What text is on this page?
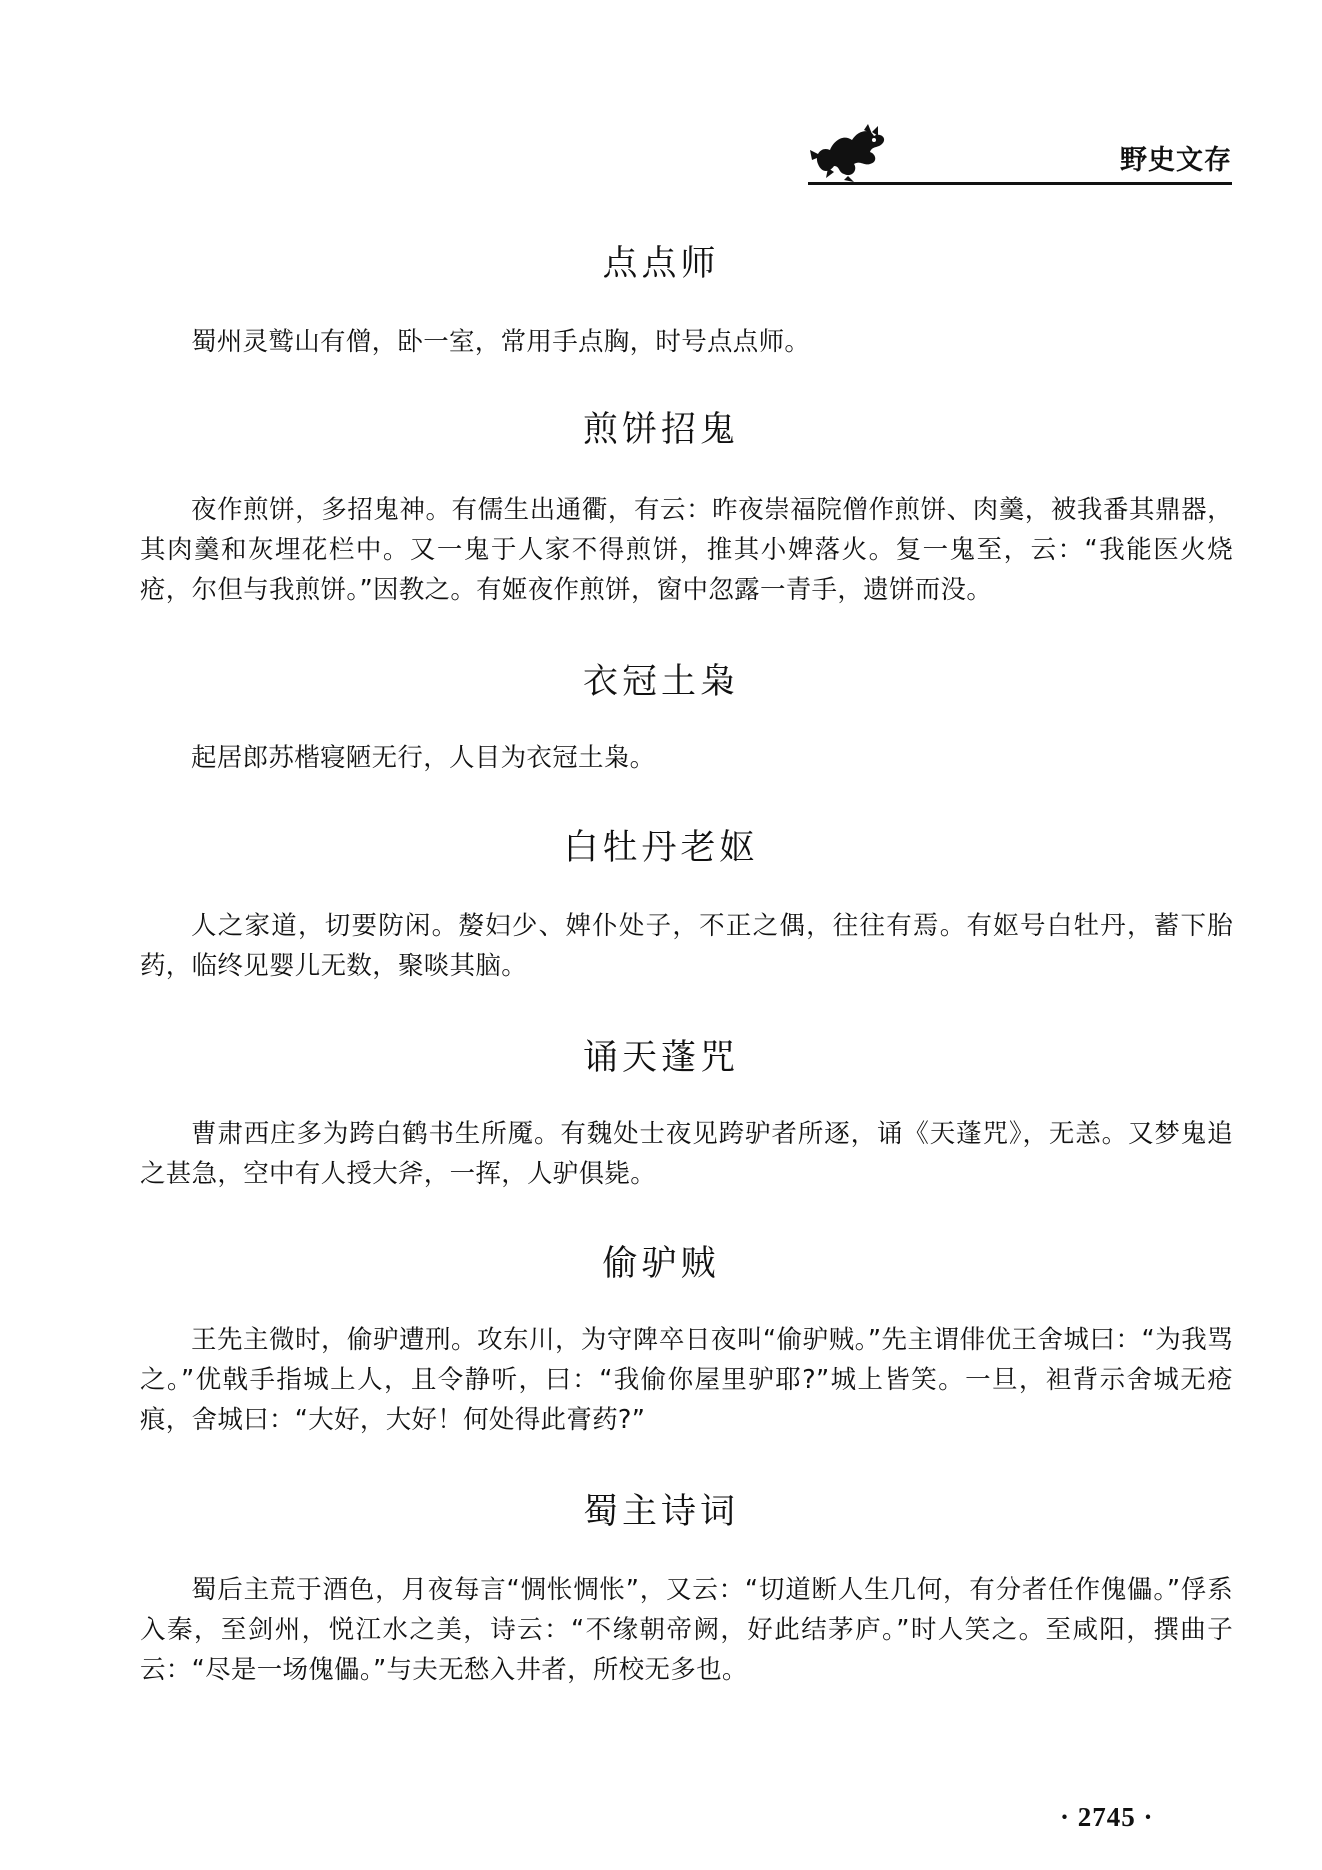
野史文存
点点师

蜀州灵鹫山有僧，卧一室，常用手点胸，时号点点师。

煎饼招鬼

夜作煎饼，多招鬼神。有儒生出通衢，有云：昨夜崇福院僧作煎饼、肉羹，被我番其鼎器，其肉羹和灰埋花栏中。又一鬼于人家不得煎饼，推其小婢落火。复一鬼至，云：“我能医火烧疮，尔但与我煎饼。”因教之。有姬夜作煎饼，窗中忽露一青手，遗饼而没。

衣冠土枭

起居郎苏楷寝陋无行，人目为衣冠土枭。

白牡丹老妪

人之家道，切要防闲。嫠妇少、婢仆处子，不正之偶，往往有焉。有妪号白牡丹，蓄下胎药，临终见婴儿无数，聚啖其脑。

诵天蓬咒

曹肃西庄多为跨白鹤书生所魇。有魏处士夜见跨驴者所逐，诵《天蓬咒》，无恙。又梦鬼追之甚急，空中有人授大斧，一挥，人驴俱毙。

偷驴贼

王先主微时，偷驴遭刑。攻东川，为守陴卒日夜叫“偷驴贼。”先主谓俳优王舍城曰：“为我骂之。”优戟手指城上人，且令静听，曰：“我偷你屋里驴耶?”城上皆笑。一旦，袒背示舍城无疮痕，舍城曰：“大好，大好！何处得此膏药?”

蜀主诗词

蜀后主荒于酒色，月夜每言“惆怅惆怅”，又云：“切道断人生几何，有分者任作傀儡。”俘系入秦，至剑州，悦江水之美，诗云：“不缘朝帝阙，好此结茅庐。”时人笑之。至咸阳，撰曲子云：“尽是一场傀儡。”与夫无愁入井者，所校无多也。

· 2745 ·
